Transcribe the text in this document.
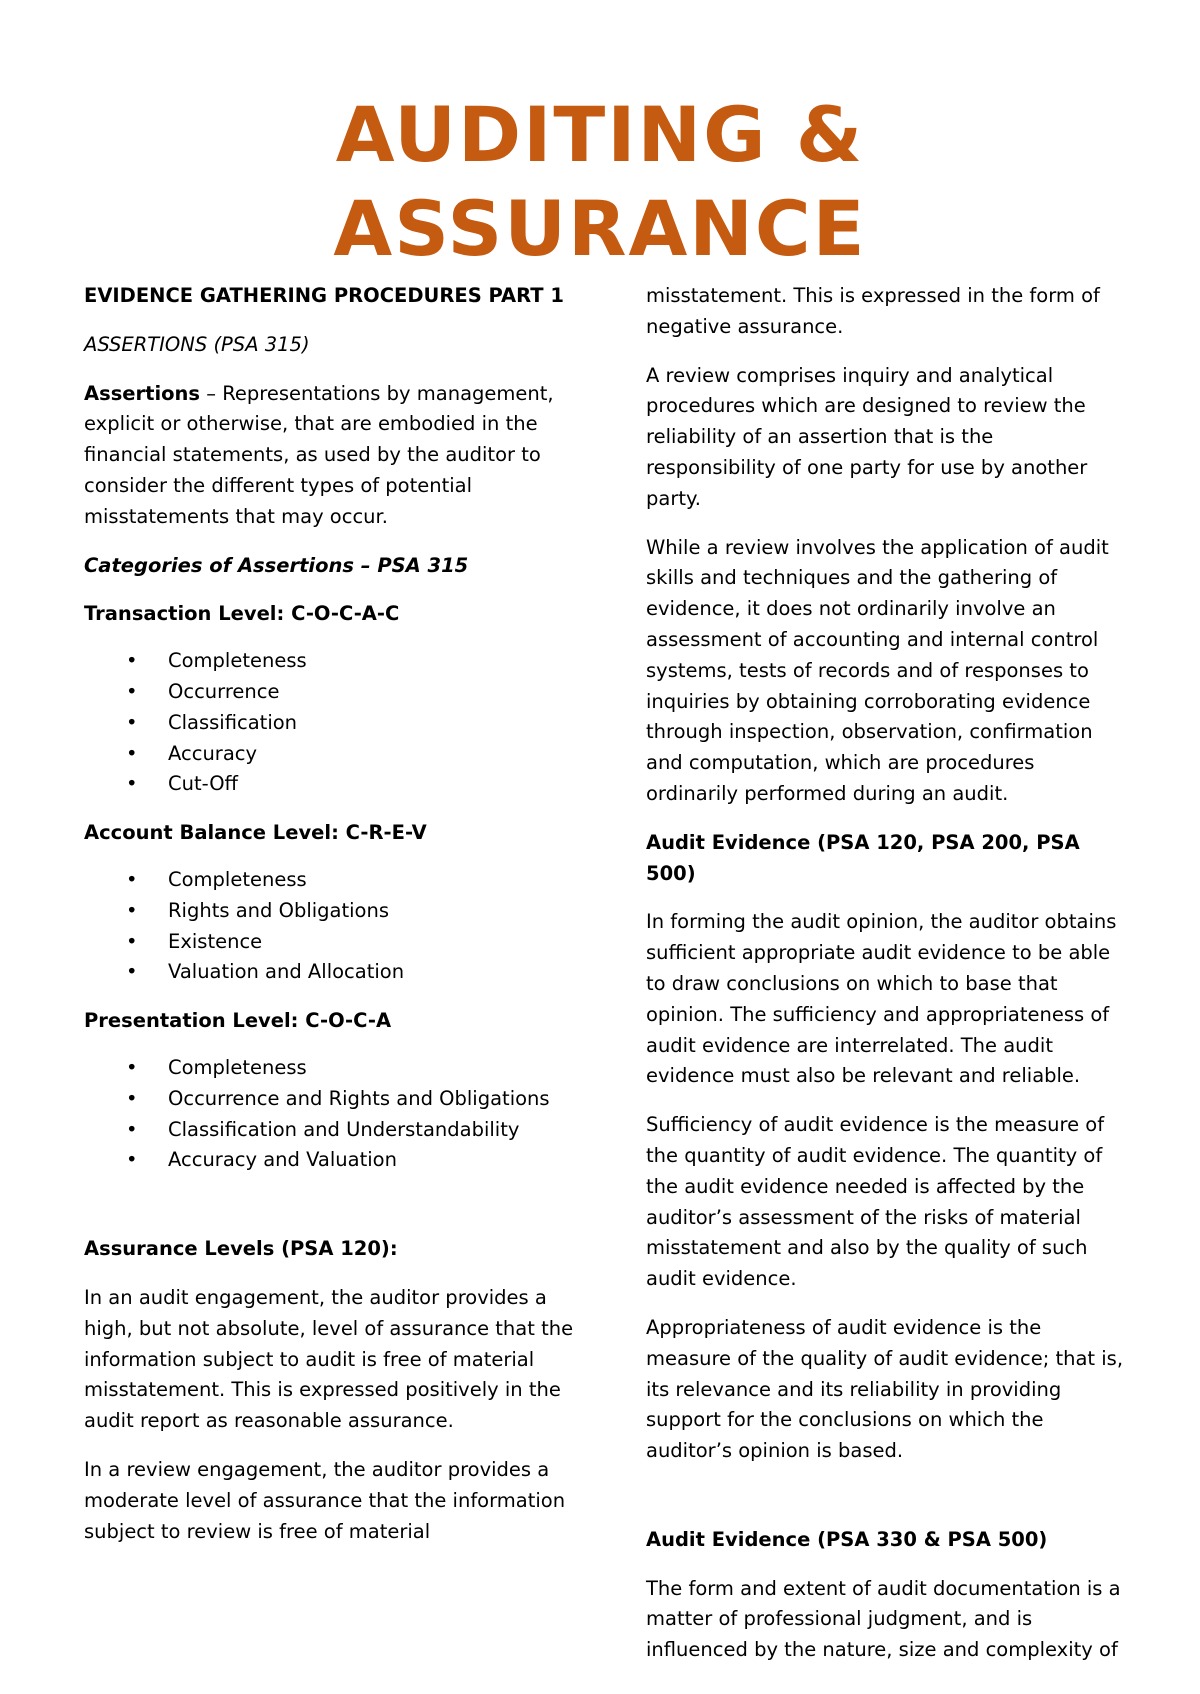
AUDITING &
ASSURANCE

EVIDENCE GATHERING PROCEDURES PART 1

ASSERTIONS (PSA 315)

Assertions – Representations by management, explicit or otherwise, that are embodied in the financial statements, as used by the auditor to consider the different types of potential misstatements that may occur.

Categories of Assertions – PSA 315

Transaction Level: C-O-C-A-C

• Completeness
• Occurrence
• Classification
• Accuracy
• Cut-Off

Account Balance Level: C-R-E-V

• Completeness
• Rights and Obligations
• Existence
• Valuation and Allocation

Presentation Level: C-O-C-A

• Completeness
• Occurrence and Rights and Obligations
• Classification and Understandability
• Accuracy and Valuation

Assurance Levels (PSA 120):

In an audit engagement, the auditor provides a high, but not absolute, level of assurance that the information subject to audit is free of material misstatement. This is expressed positively in the audit report as reasonable assurance.

In a review engagement, the auditor provides a moderate level of assurance that the information subject to review is free of material

misstatement. This is expressed in the form of negative assurance.

A review comprises inquiry and analytical procedures which are designed to review the reliability of an assertion that is the responsibility of one party for use by another party.

While a review involves the application of audit skills and techniques and the gathering of evidence, it does not ordinarily involve an assessment of accounting and internal control systems, tests of records and of responses to inquiries by obtaining corroborating evidence through inspection, observation, confirmation and computation, which are procedures ordinarily performed during an audit.

Audit Evidence (PSA 120, PSA 200, PSA 500)

In forming the audit opinion, the auditor obtains sufficient appropriate audit evidence to be able to draw conclusions on which to base that opinion. The sufficiency and appropriateness of audit evidence are interrelated. The audit evidence must also be relevant and reliable.

Sufficiency of audit evidence is the measure of the quantity of audit evidence. The quantity of the audit evidence needed is affected by the auditor’s assessment of the risks of material misstatement and also by the quality of such audit evidence.

Appropriateness of audit evidence is the measure of the quality of audit evidence; that is, its relevance and its reliability in providing support for the conclusions on which the auditor’s opinion is based.

Audit Evidence (PSA 330 & PSA 500)

The form and extent of audit documentation is a matter of professional judgment, and is influenced by the nature, size and complexity of
